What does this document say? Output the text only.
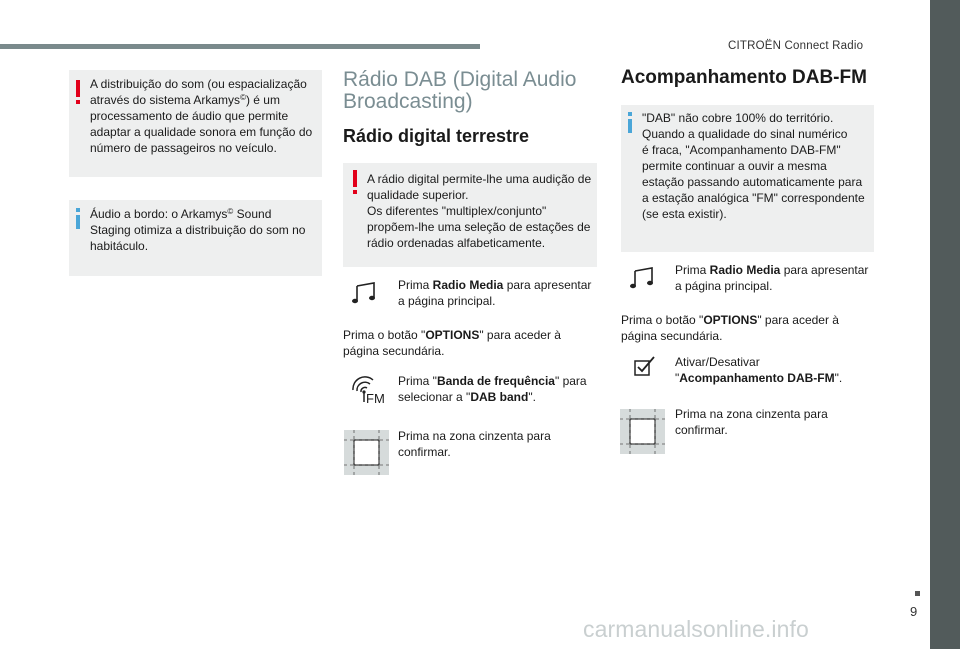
CITROËN Connect Radio
9
carmanualsonline.info
A distribuição do som (ou espacialização
através do sistema Arkamys©) é um
processamento de áudio que permite
adaptar a qualidade sonora em função do
número de passageiros no veículo.
Áudio a bordo: o Arkamys© Sound
Staging otimiza a distribuição do som no
habitáculo.
Rádio DAB (Digital Audio
Broadcasting)
Rádio digital terrestre
A rádio digital permite-lhe uma audição de
qualidade superior.
Os diferentes "multiplex/conjunto"
propõem-lhe uma seleção de estações de
rádio ordenadas alfabeticamente.
Prima Radio Media para apresentar
a página principal.
Prima o botão "OPTIONS" para aceder à
página secundária.
FM
Prima "Banda de frequência" para
selecionar a "DAB band".
Prima na zona cinzenta para
confirmar.
Acompanhamento DAB-FM
"DAB" não cobre 100% do território.
Quando a qualidade do sinal numérico
é fraca, "Acompanhamento DAB-FM"
permite continuar a ouvir a mesma
estação passando automaticamente para
a estação analógica "FM" correspondente
(se esta existir).
Prima Radio Media para apresentar
a página principal.
Prima o botão "OPTIONS" para aceder à
página secundária.
Ativar/Desativar
"Acompanhamento DAB-FM".
Prima na zona cinzenta para
confirmar.
